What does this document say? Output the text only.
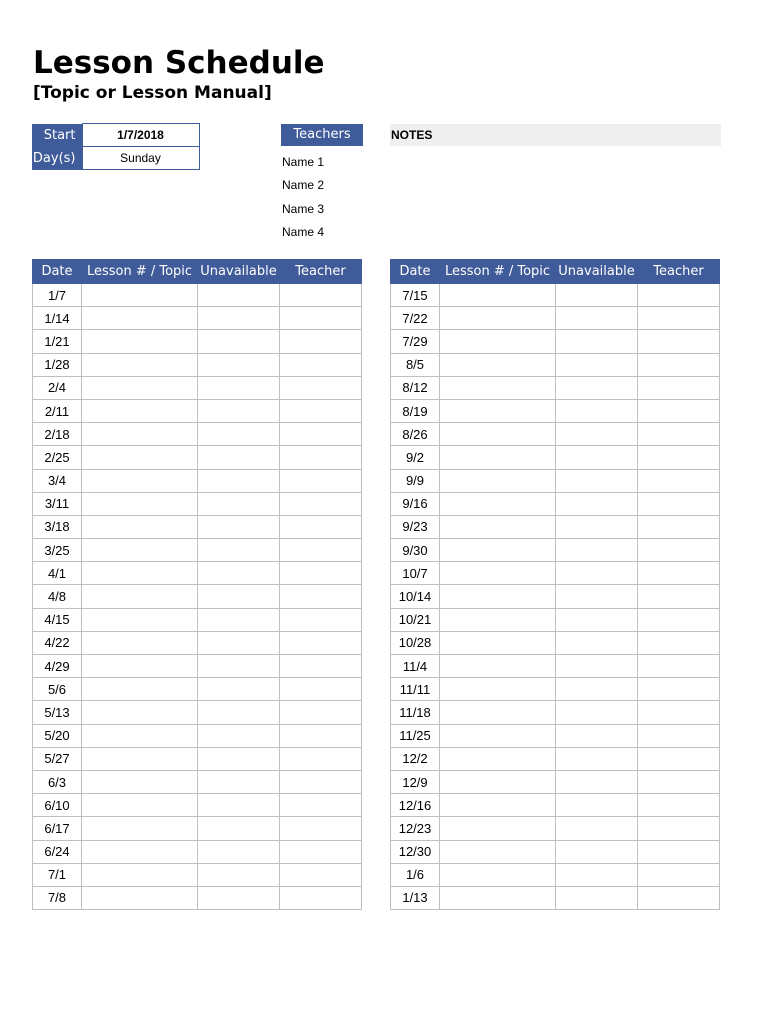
Lesson Schedule
[Topic or Lesson Manual]
Start	1/7/2018
Day(s)	Sunday
Teachers
Name 1
Name 2
Name 3
Name 4
NOTES
Date	Lesson # / Topic	Unavailable	Teacher
1/7			
1/14			
1/21			
1/28			
2/4			
2/11			
2/18			
2/25			
3/4			
3/11			
3/18			
3/25			
4/1			
4/8			
4/15			
4/22			
4/29			
5/6			
5/13			
5/20			
5/27			
6/3			
6/10			
6/17			
6/24			
7/1			
7/8			
Date	Lesson # / Topic	Unavailable	Teacher
7/15			
7/22			
7/29			
8/5			
8/12			
8/19			
8/26			
9/2			
9/9			
9/16			
9/23			
9/30			
10/7			
10/14			
10/21			
10/28			
11/4			
11/11			
11/18			
11/25			
12/2			
12/9			
12/16			
12/23			
12/30			
1/6			
1/13			
